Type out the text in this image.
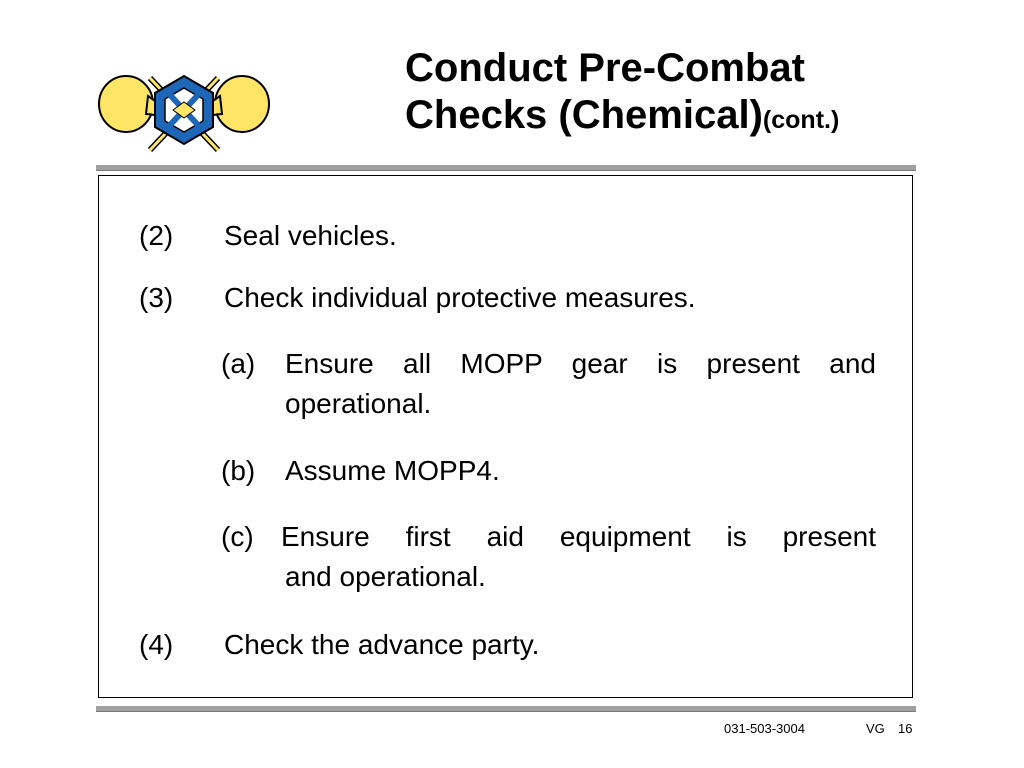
Conduct Pre-Combat
Checks (Chemical)(cont.)
(2) Seal vehicles.
(3) Check individual protective measures.
(a) Ensure all MOPP gear is present and
operational.
(b) Assume MOPP4.
(c) Ensure first aid equipment is present
and operational.
(4) Check the advance party.
031-503-3004	VG 16
